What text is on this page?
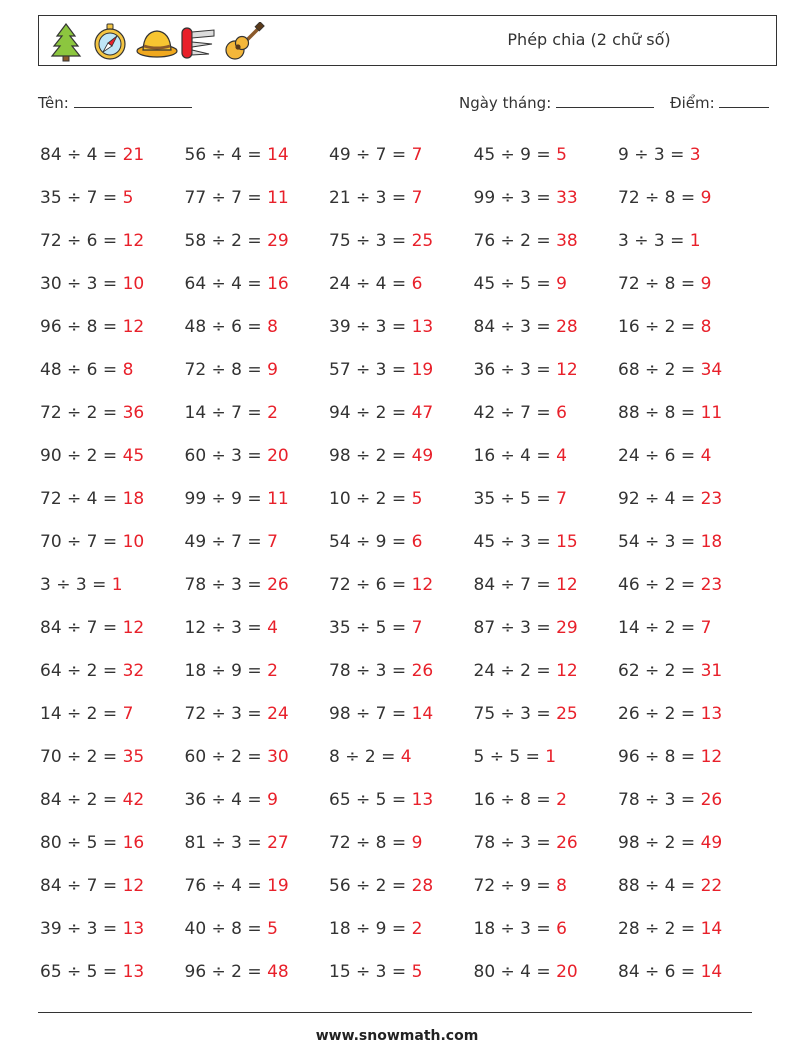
Phép chia (2 chữ số)
Tên:	Ngày tháng:	Điểm:
84 ÷ 4 = 21	56 ÷ 4 = 14	49 ÷ 7 = 7	45 ÷ 9 = 5	9 ÷ 3 = 3
35 ÷ 7 = 5	77 ÷ 7 = 11	21 ÷ 3 = 7	99 ÷ 3 = 33	72 ÷ 8 = 9
72 ÷ 6 = 12	58 ÷ 2 = 29	75 ÷ 3 = 25	76 ÷ 2 = 38	3 ÷ 3 = 1
30 ÷ 3 = 10	64 ÷ 4 = 16	24 ÷ 4 = 6	45 ÷ 5 = 9	72 ÷ 8 = 9
96 ÷ 8 = 12	48 ÷ 6 = 8	39 ÷ 3 = 13	84 ÷ 3 = 28	16 ÷ 2 = 8
48 ÷ 6 = 8	72 ÷ 8 = 9	57 ÷ 3 = 19	36 ÷ 3 = 12	68 ÷ 2 = 34
72 ÷ 2 = 36	14 ÷ 7 = 2	94 ÷ 2 = 47	42 ÷ 7 = 6	88 ÷ 8 = 11
90 ÷ 2 = 45	60 ÷ 3 = 20	98 ÷ 2 = 49	16 ÷ 4 = 4	24 ÷ 6 = 4
72 ÷ 4 = 18	99 ÷ 9 = 11	10 ÷ 2 = 5	35 ÷ 5 = 7	92 ÷ 4 = 23
70 ÷ 7 = 10	49 ÷ 7 = 7	54 ÷ 9 = 6	45 ÷ 3 = 15	54 ÷ 3 = 18
3 ÷ 3 = 1	78 ÷ 3 = 26	72 ÷ 6 = 12	84 ÷ 7 = 12	46 ÷ 2 = 23
84 ÷ 7 = 12	12 ÷ 3 = 4	35 ÷ 5 = 7	87 ÷ 3 = 29	14 ÷ 2 = 7
64 ÷ 2 = 32	18 ÷ 9 = 2	78 ÷ 3 = 26	24 ÷ 2 = 12	62 ÷ 2 = 31
14 ÷ 2 = 7	72 ÷ 3 = 24	98 ÷ 7 = 14	75 ÷ 3 = 25	26 ÷ 2 = 13
70 ÷ 2 = 35	60 ÷ 2 = 30	8 ÷ 2 = 4	5 ÷ 5 = 1	96 ÷ 8 = 12
84 ÷ 2 = 42	36 ÷ 4 = 9	65 ÷ 5 = 13	16 ÷ 8 = 2	78 ÷ 3 = 26
80 ÷ 5 = 16	81 ÷ 3 = 27	72 ÷ 8 = 9	78 ÷ 3 = 26	98 ÷ 2 = 49
84 ÷ 7 = 12	76 ÷ 4 = 19	56 ÷ 2 = 28	72 ÷ 9 = 8	88 ÷ 4 = 22
39 ÷ 3 = 13	40 ÷ 8 = 5	18 ÷ 9 = 2	18 ÷ 3 = 6	28 ÷ 2 = 14
65 ÷ 5 = 13	96 ÷ 2 = 48	15 ÷ 3 = 5	80 ÷ 4 = 20	84 ÷ 6 = 14
www.snowmath.com
